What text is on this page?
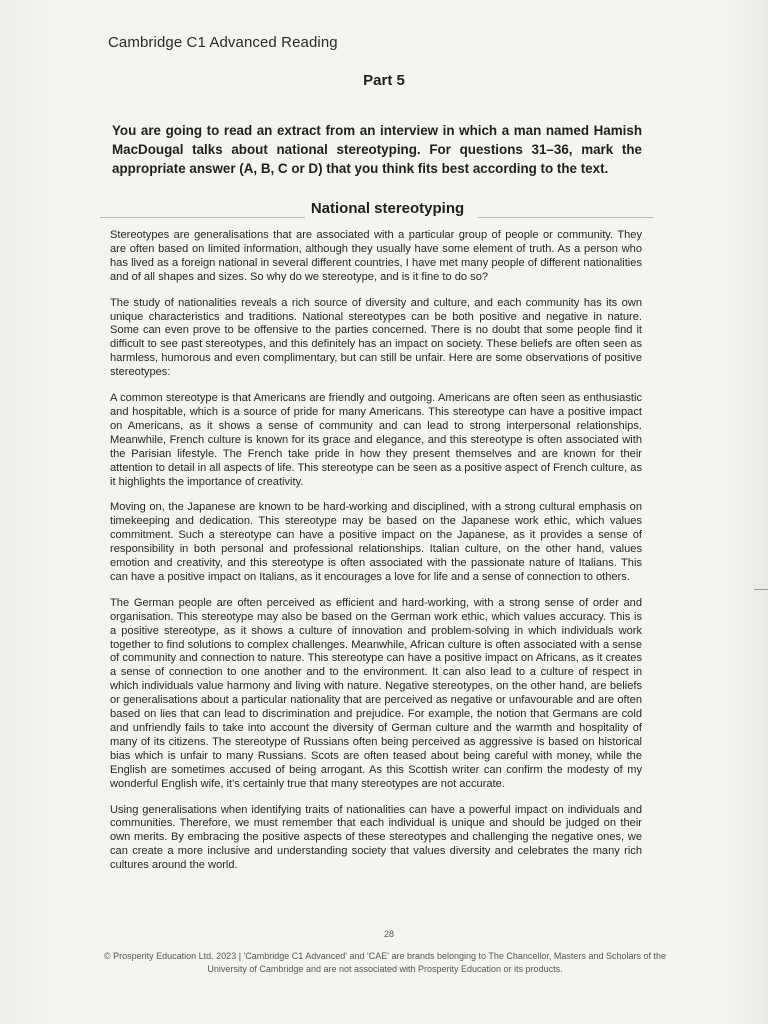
Cambridge C1 Advanced Reading
Part 5
You are going to read an extract from an interview in which a man named Hamish MacDougal talks about national stereotyping. For questions 31–36, mark the appropriate answer (A, B, C or D) that you think fits best according to the text.
National stereotyping

Stereotypes are generalisations that are associated with a particular group of people or community. They are often based on limited information, although they usually have some element of truth. As a person who has lived as a foreign national in several different countries, I have met many people of different nationalities and of all shapes and sizes. So why do we stereotype, and is it fine to do so?

The study of nationalities reveals a rich source of diversity and culture, and each community has its own unique characteristics and traditions. National stereotypes can be both positive and negative in nature. Some can even prove to be offensive to the parties concerned. There is no doubt that some people find it difficult to see past stereotypes, and this definitely has an impact on society. These beliefs are often seen as harmless, humorous and even complimentary, but can still be unfair. Here are some observations of positive stereotypes:

A common stereotype is that Americans are friendly and outgoing. Americans are often seen as enthusiastic and hospitable, which is a source of pride for many Americans. This stereotype can have a positive impact on Americans, as it shows a sense of community and can lead to strong interpersonal relationships. Meanwhile, French culture is known for its grace and elegance, and this stereotype is often associated with the Parisian lifestyle. The French take pride in how they present themselves and are known for their attention to detail in all aspects of life. This stereotype can be seen as a positive aspect of French culture, as it highlights the importance of creativity.

Moving on, the Japanese are known to be hard-working and disciplined, with a strong cultural emphasis on timekeeping and dedication. This stereotype may be based on the Japanese work ethic, which values commitment. Such a stereotype can have a positive impact on the Japanese, as it provides a sense of responsibility in both personal and professional relationships. Italian culture, on the other hand, values emotion and creativity, and this stereotype is often associated with the passionate nature of Italians. This can have a positive impact on Italians, as it encourages a love for life and a sense of connection to others.

The German people are often perceived as efficient and hard-working, with a strong sense of order and organisation. This stereotype may also be based on the German work ethic, which values accuracy. This is a positive stereotype, as it shows a culture of innovation and problem-solving in which individuals work together to find solutions to complex challenges. Meanwhile, African culture is often associated with a sense of community and connection to nature. This stereotype can have a positive impact on Africans, as it creates a sense of connection to one another and to the environment. It can also lead to a culture of respect in which individuals value harmony and living with nature. Negative stereotypes, on the other hand, are beliefs or generalisations about a particular nationality that are perceived as negative or unfavourable and are often based on lies that can lead to discrimination and prejudice. For example, the notion that Germans are cold and unfriendly fails to take into account the diversity of German culture and the warmth and hospitality of many of its citizens. The stereotype of Russians often being perceived as aggressive is based on historical bias which is unfair to many Russians. Scots are often teased about being careful with money, while the English are sometimes accused of being arrogant. As this Scottish writer can confirm the modesty of my wonderful English wife, it's certainly true that many stereotypes are not accurate.

Using generalisations when identifying traits of nationalities can have a powerful impact on individuals and communities. Therefore, we must remember that each individual is unique and should be judged on their own merits. By embracing the positive aspects of these stereotypes and challenging the negative ones, we can create a more inclusive and understanding society that values diversity and celebrates the many rich cultures around the world.

28
© Prosperity Education Ltd. 2023 | 'Cambridge C1 Advanced' and 'CAE' are brands belonging to The Chancellor, Masters and Scholars of the University of Cambridge and are not associated with Prosperity Education or its products.
